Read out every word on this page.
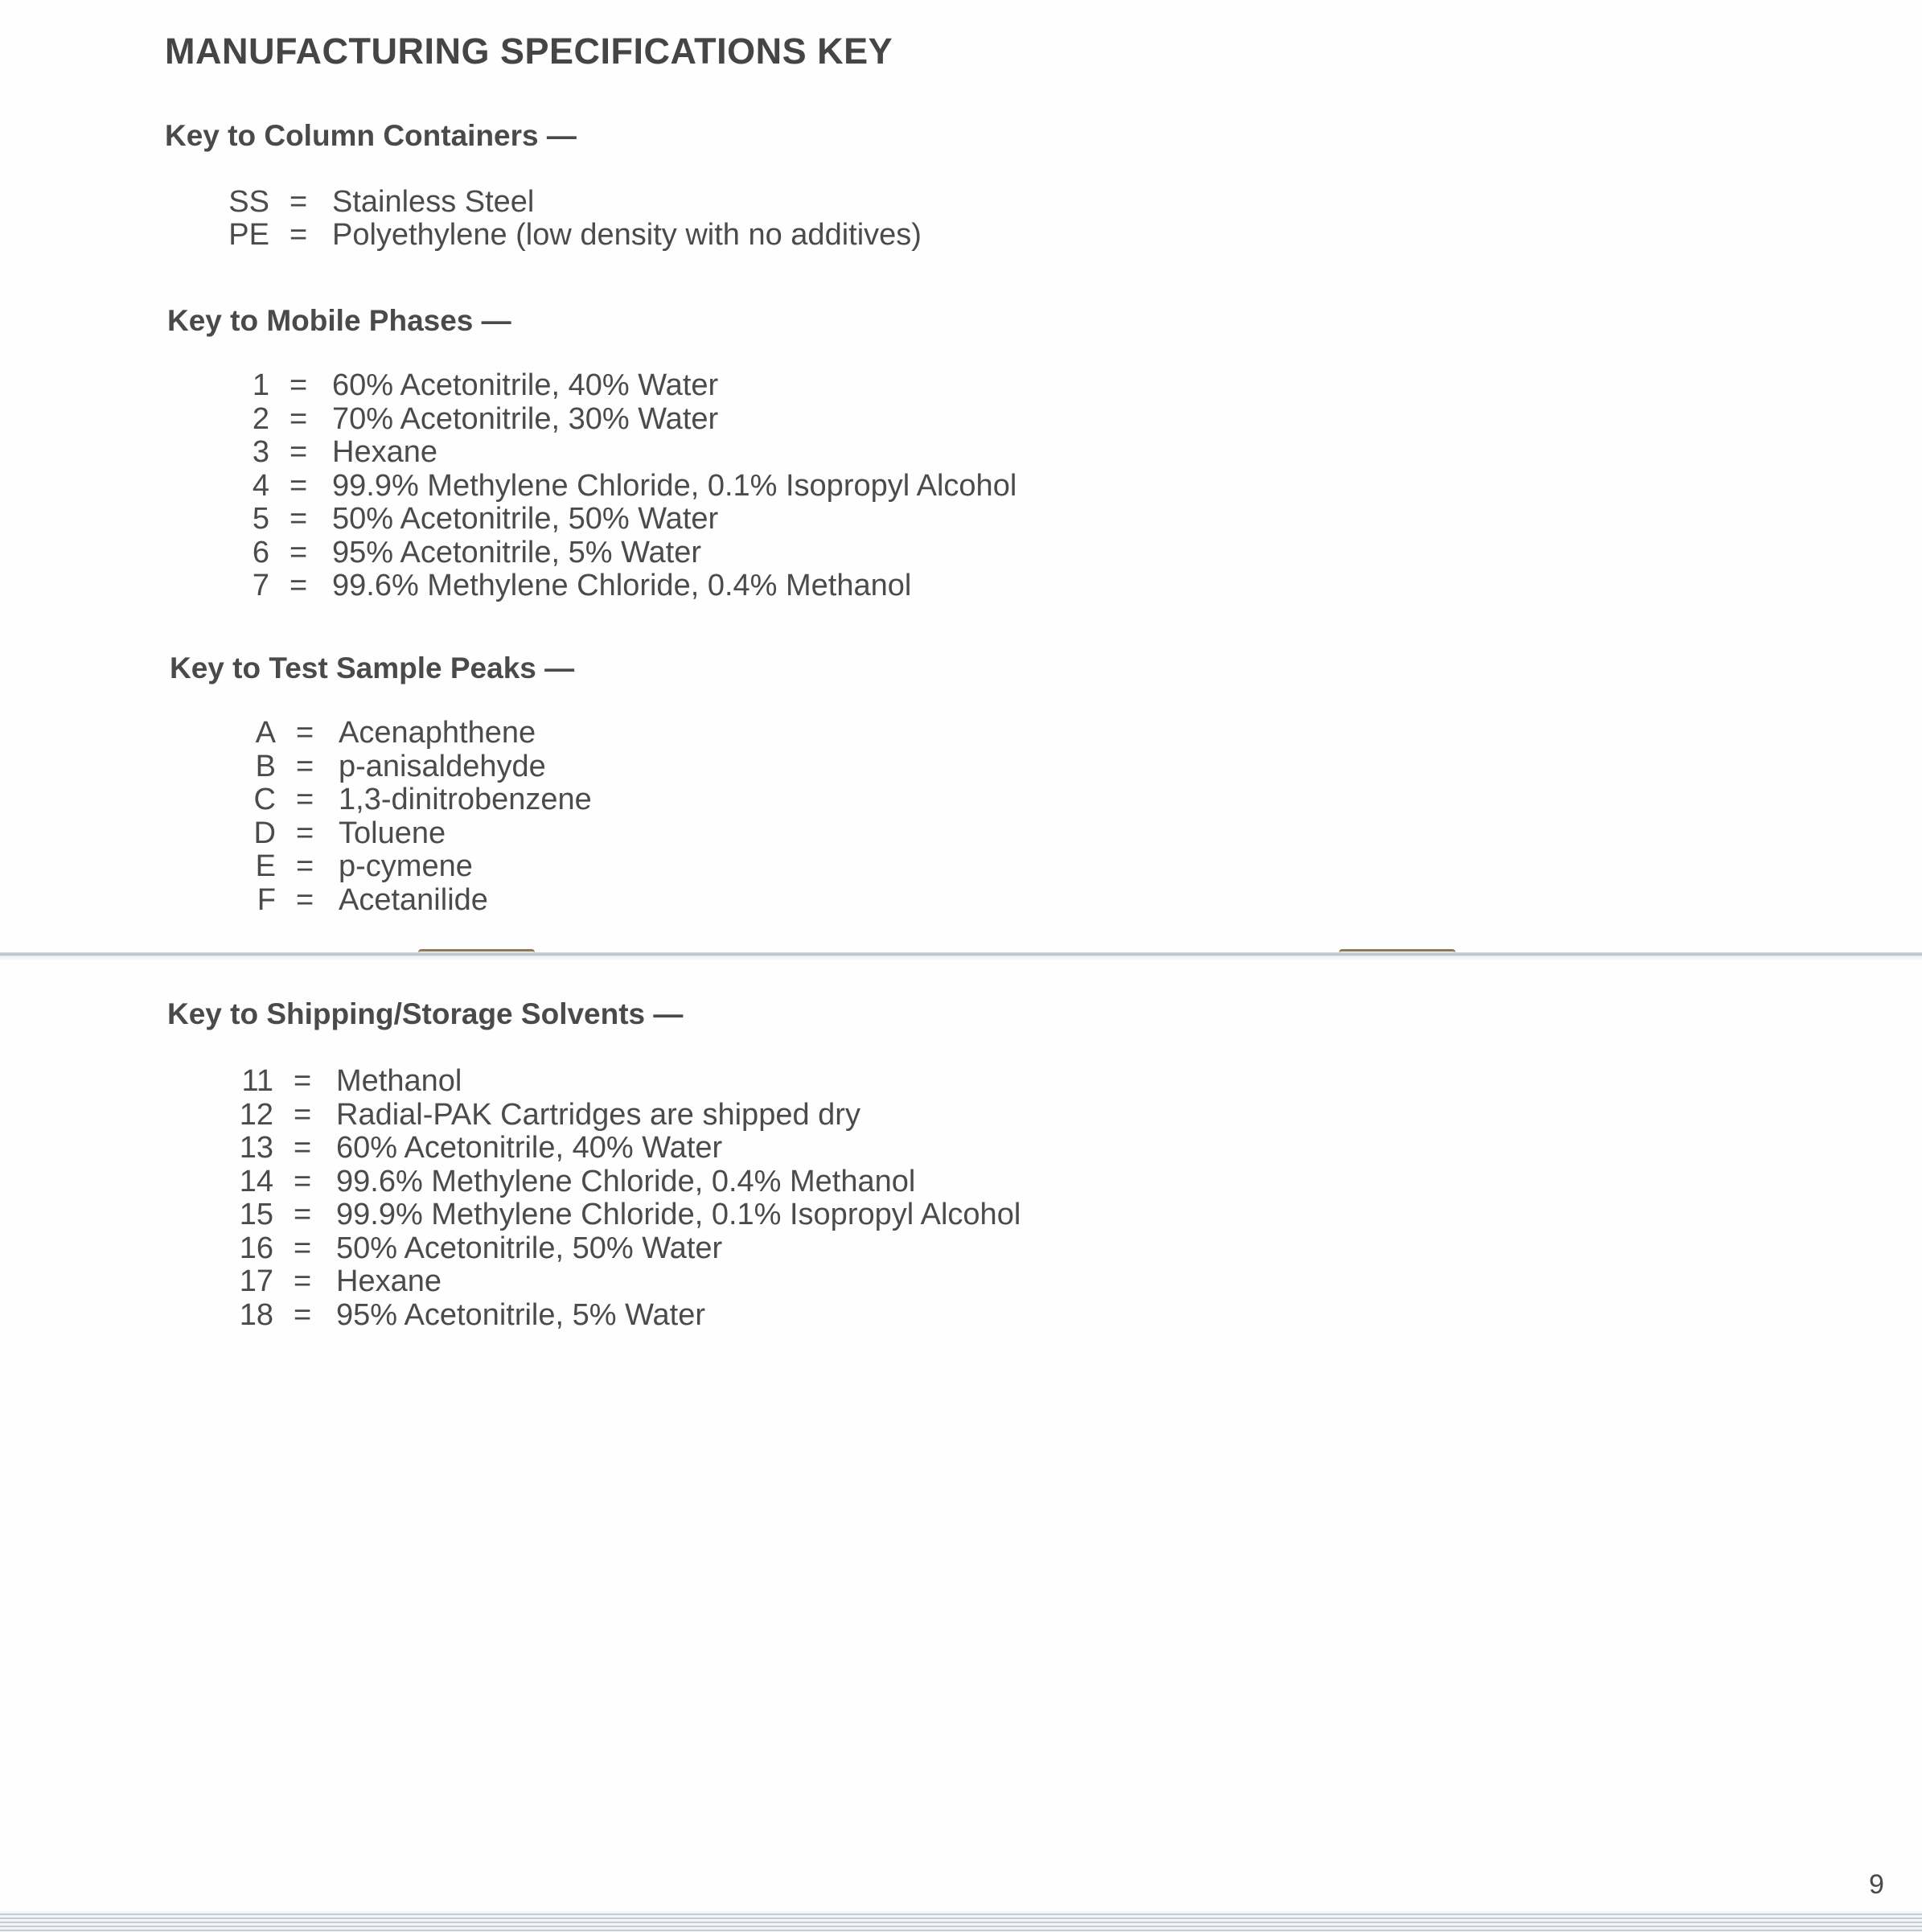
MANUFACTURING SPECIFICATIONS KEY
Key to Column Containers —
SS = Stainless Steel
PE = Polyethylene (low density with no additives)
Key to Mobile Phases —
1 = 60% Acetonitrile, 40% Water
2 = 70% Acetonitrile, 30% Water
3 = Hexane
4 = 99.9% Methylene Chloride, 0.1% Isopropyl Alcohol
5 = 50% Acetonitrile, 50% Water
6 = 95% Acetonitrile, 5% Water
7 = 99.6% Methylene Chloride, 0.4% Methanol
Key to Test Sample Peaks —
A = Acenaphthene
B = p-anisaldehyde
C = 1,3-dinitrobenzene
D = Toluene
E = p-cymene
F = Acetanilide
Key to Shipping/Storage Solvents —
11 = Methanol
12 = Radial-PAK Cartridges are shipped dry
13 = 60% Acetonitrile, 40% Water
14 = 99.6% Methylene Chloride, 0.4% Methanol
15 = 99.9% Methylene Chloride, 0.1% Isopropyl Alcohol
16 = 50% Acetonitrile, 50% Water
17 = Hexane
18 = 95% Acetonitrile, 5% Water
9
